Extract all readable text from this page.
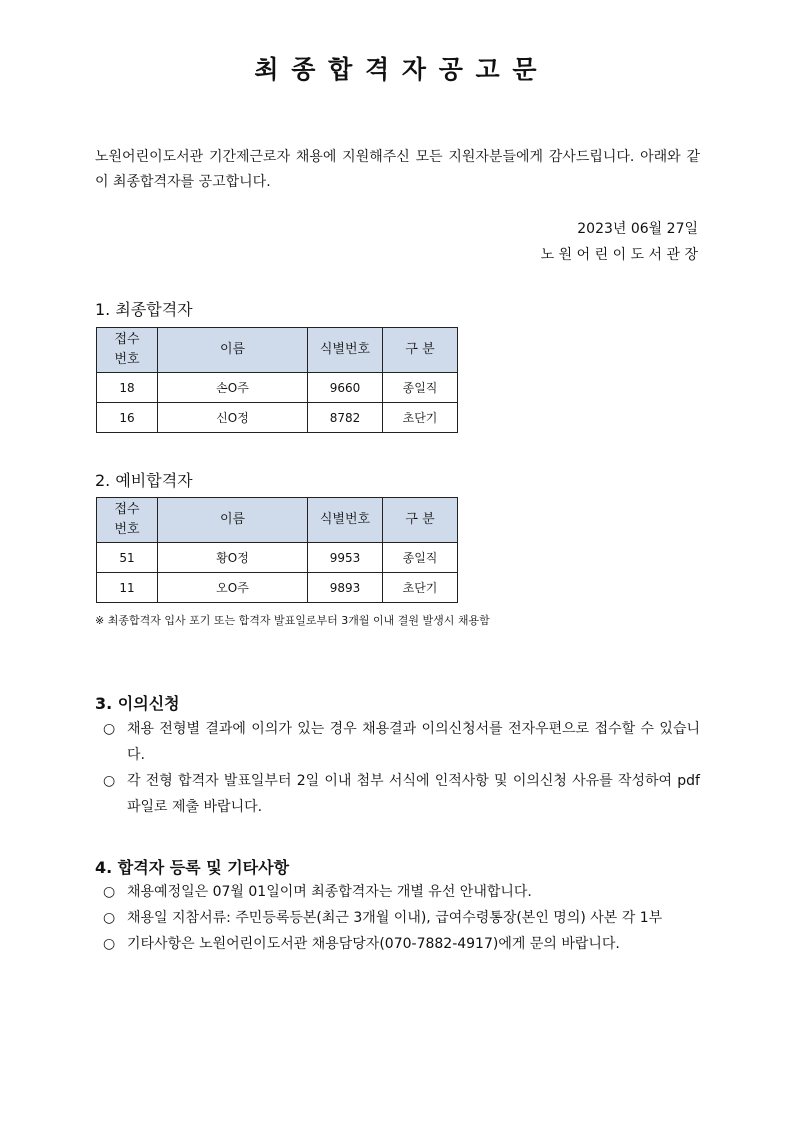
최 종 합 격 자 공 고 문
노원어린이도서관 기간제근로자 채용에 지원해주신 모든 지원자분들에게 감사드립니다. 아래와 같이 최종합격자를 공고합니다.
2023년 06월 27일
노 원 어 린 이 도 서 관 장
1. 최종합격자
접수
번호	이름	식별번호	구 분
18	손O주	9660	종일직
16	신O정	8782	초단기
2. 예비합격자
접수
번호	이름	식별번호	구 분
51	황O정	9953	종일직
11	오O주	9893	초단기
※ 최종합격자 입사 포기 또는 합격자 발표일로부터 3개월 이내 결원 발생시 채용함
3. 이의신청
○ 채용 전형별 결과에 이의가 있는 경우 채용결과 이의신청서를 전자우편으로 접수할 수 있습니다.
○ 각 전형 합격자 발표일부터 2일 이내 첨부 서식에 인적사항 및 이의신청 사유를 작성하여 pdf 파일로 제출 바랍니다.
4. 합격자 등록 및 기타사항
○ 채용예정일은 07월 01일이며 최종합격자는 개별 유선 안내합니다.
○ 채용일 지참서류: 주민등록등본(최근 3개월 이내), 급여수령통장(본인 명의) 사본 각 1부
○ 기타사항은 노원어린이도서관 채용담당자(070-7882-4917)에게 문의 바랍니다.
